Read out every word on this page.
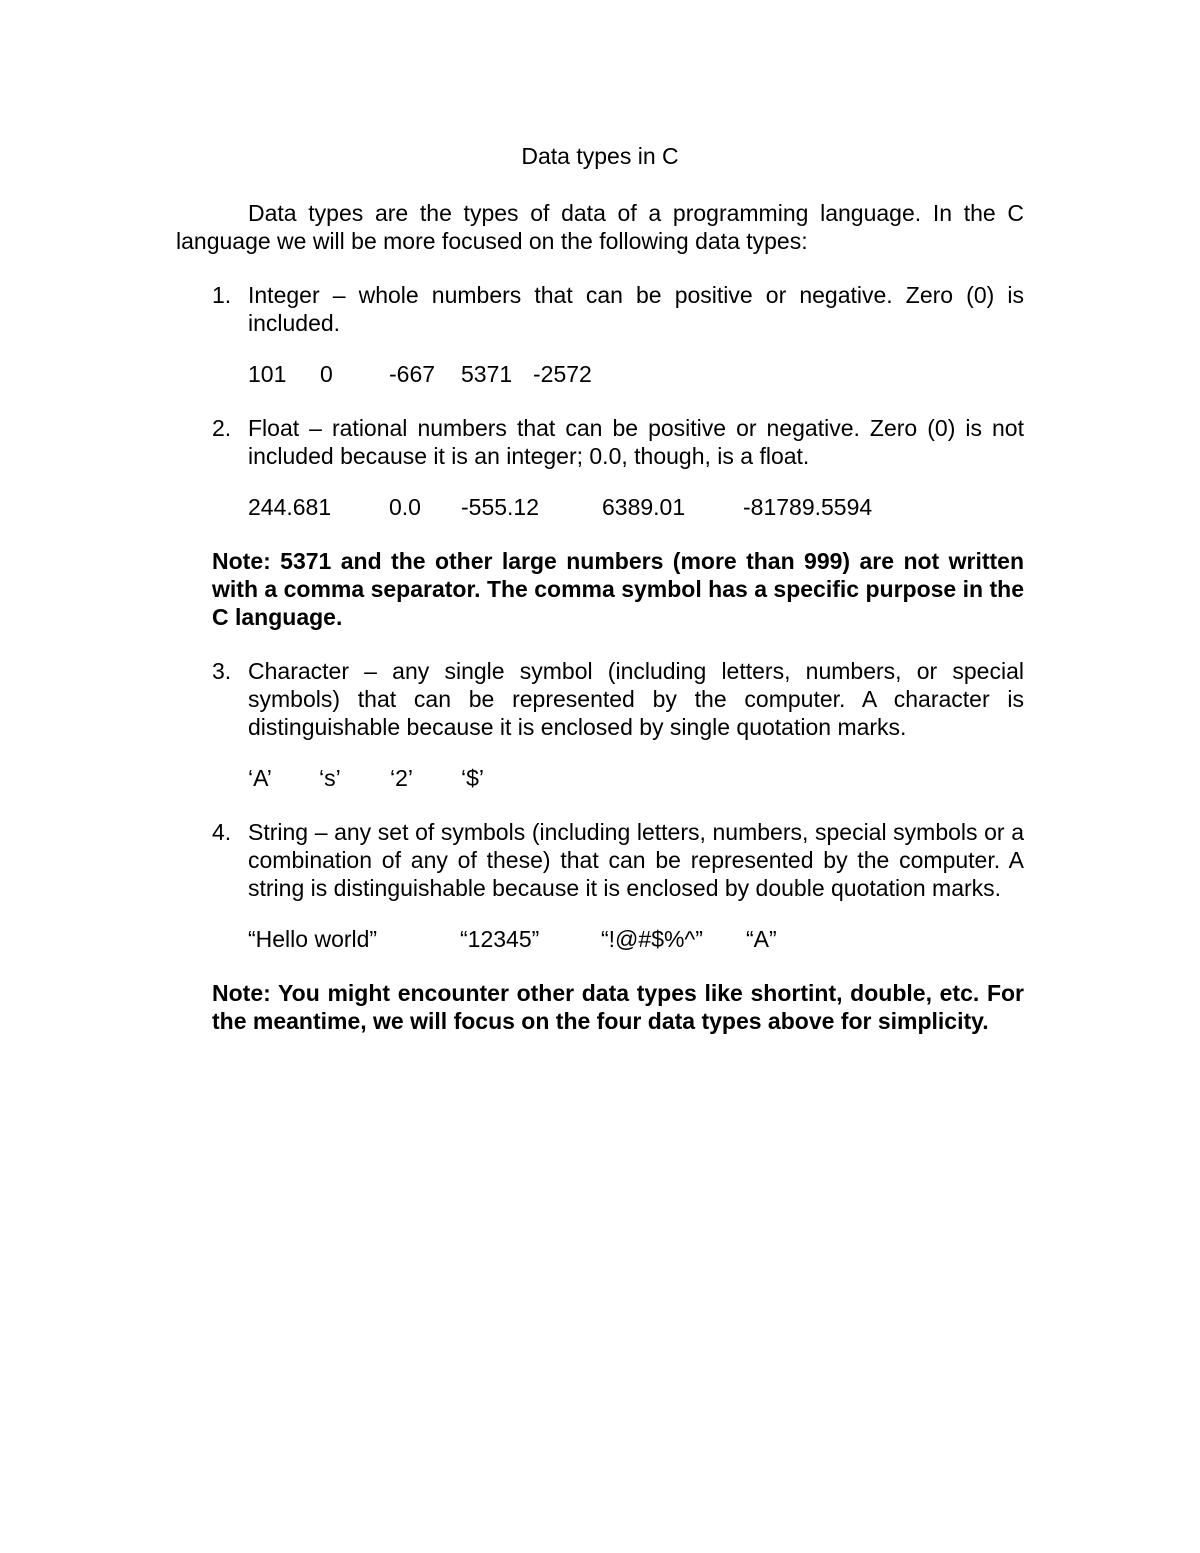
Data types in C

Data types are the types of data of a programming language. In the C language we will be more focused on the following data types:

1. Integer – whole numbers that can be positive or negative. Zero (0) is included.

101	0	-667	5371 -2572
2. Float – rational numbers that can be positive or negative. Zero (0) is not included because it is an integer; 0.0, though, is a float.

244.681	0.0	-555.12	6389.01	-81789.5594

Note: 5371 and the other large numbers (more than 999) are not written with a comma separator. The comma symbol has a specific purpose in the C language.

3. Character – any single symbol (including letters, numbers, or special symbols) that can be represented by the computer. A character is distinguishable because it is enclosed by single quotation marks.

‘A’	‘s’	‘2’	‘$’
4. String – any set of symbols (including letters, numbers, special symbols or a combination of any of these) that can be represented by the computer. A string is distinguishable because it is enclosed by double quotation marks.

“Hello world”	“12345”	“!@#$%^”	“A”

Note: You might encounter other data types like shortint, double, etc. For the meantime, we will focus on the four data types above for simplicity.
